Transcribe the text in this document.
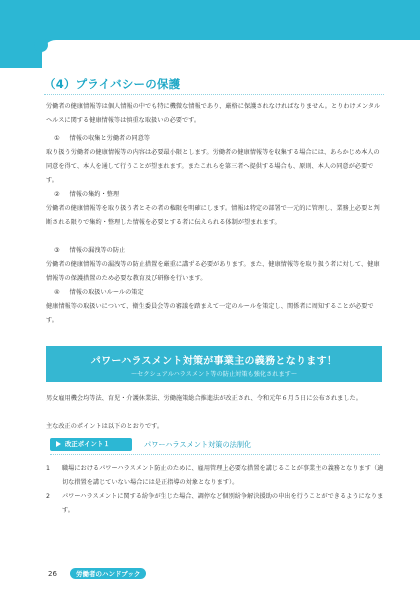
（4）プライバシーの保護
労働者の健康情報等は個人情報の中でも特に機微な情報であり、厳格に保護されなければなりません。とりわけメンタルヘルスに関する健康情報等は慎重な取扱いの必要です。
① 情報の収集と労働者の同意等
取り扱う労働者の健康情報等の内容は必要最小限とします。労働者の健康情報等を収集する場合には、あらかじめ本人の同意を得て、本人を通して行うことが望まれます。またこれらを第三者へ提供する場合も、原則、本人の同意が必要です。
② 情報の集約・整理
労働者の健康情報等を取り扱う者とその者の権限を明確にします。情報は特定の部署で一元的に管理し、業務上必要と判断される限りで集約・整理した情報を必要とする者に伝えられる体制が望まれます。
③ 情報の漏洩等の防止
労働者の健康情報等の漏洩等の防止措置を厳重に講ずる必要があります。また、健康情報等を取り扱う者に対して、健康情報等の保護措置のため必要な教育及び研修を行います。
④ 情報の取扱いルールの策定
健康情報等の取扱いについて、衛生委員会等の審議を踏まえて一定のルールを策定し、関係者に周知することが必要です。
パワーハラスメント対策が事業主の義務となります！
～セクシュアルハラスメント等の防止対策も強化されます～
男女雇用機会均等法、育児・介護休業法、労働施策総合推進法が改正され、令和元年６月５日に公布されました。
主な改正のポイントは以下のとおりです。
改正ポイント１	パワーハラスメント対策の法制化
1	職場におけるパワーハラスメント防止のために、雇用管理上必要な措置を講じることが事業主の義務となります（適切な措置を講じていない場合には是正指導の対象となります）。
2	パワーハラスメントに関する紛争が生じた場合、調停など個別紛争解決援助の申出を行うことができるようになります。
26	労働者のハンドブック
